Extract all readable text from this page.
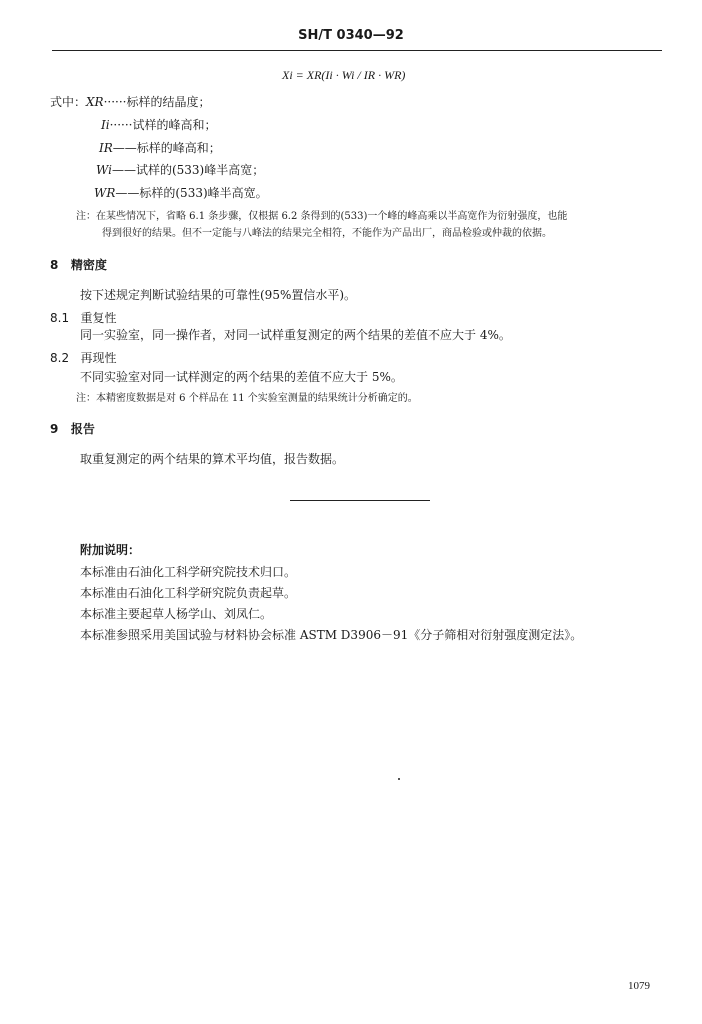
SH/T 0340—92
Xi = XR(Ii · Wi / IR · WR)
式中：XR······标样的结晶度；
Ii······试样的峰高和；
IR——标样的峰高和；
Wi——试样的(533)峰半高宽；
WR——标样的(533)峰半高宽。
注：在某些情况下，省略 6.1 条步骤，仅根据 6.2 条得到的(533)一个峰的峰高乘以半高宽作为衍射强度，也能
得到很好的结果。但不一定能与八峰法的结果完全相符，不能作为产品出厂，商品检验或仲裁的依据。
8 精密度
按下述规定判断试验结果的可靠性(95%置信水平)。
8.1 重复性
同一实验室，同一操作者，对同一试样重复测定的两个结果的差值不应大于 4%。
8.2 再现性
不同实验室对同一试样测定的两个结果的差值不应大于 5%。
注：本精密度数据是对 6 个样品在 11 个实验室测量的结果统计分析确定的。
9 报告
取重复测定的两个结果的算术平均值，报告数据。
附加说明：
本标准由石油化工科学研究院技术归口。
本标准由石油化工科学研究院负责起草。
本标准主要起草人杨学山、刘凤仁。
本标准参照采用美国试验与材料协会标准 ASTM D3906－91《分子筛相对衍射强度测定法》。
1079
